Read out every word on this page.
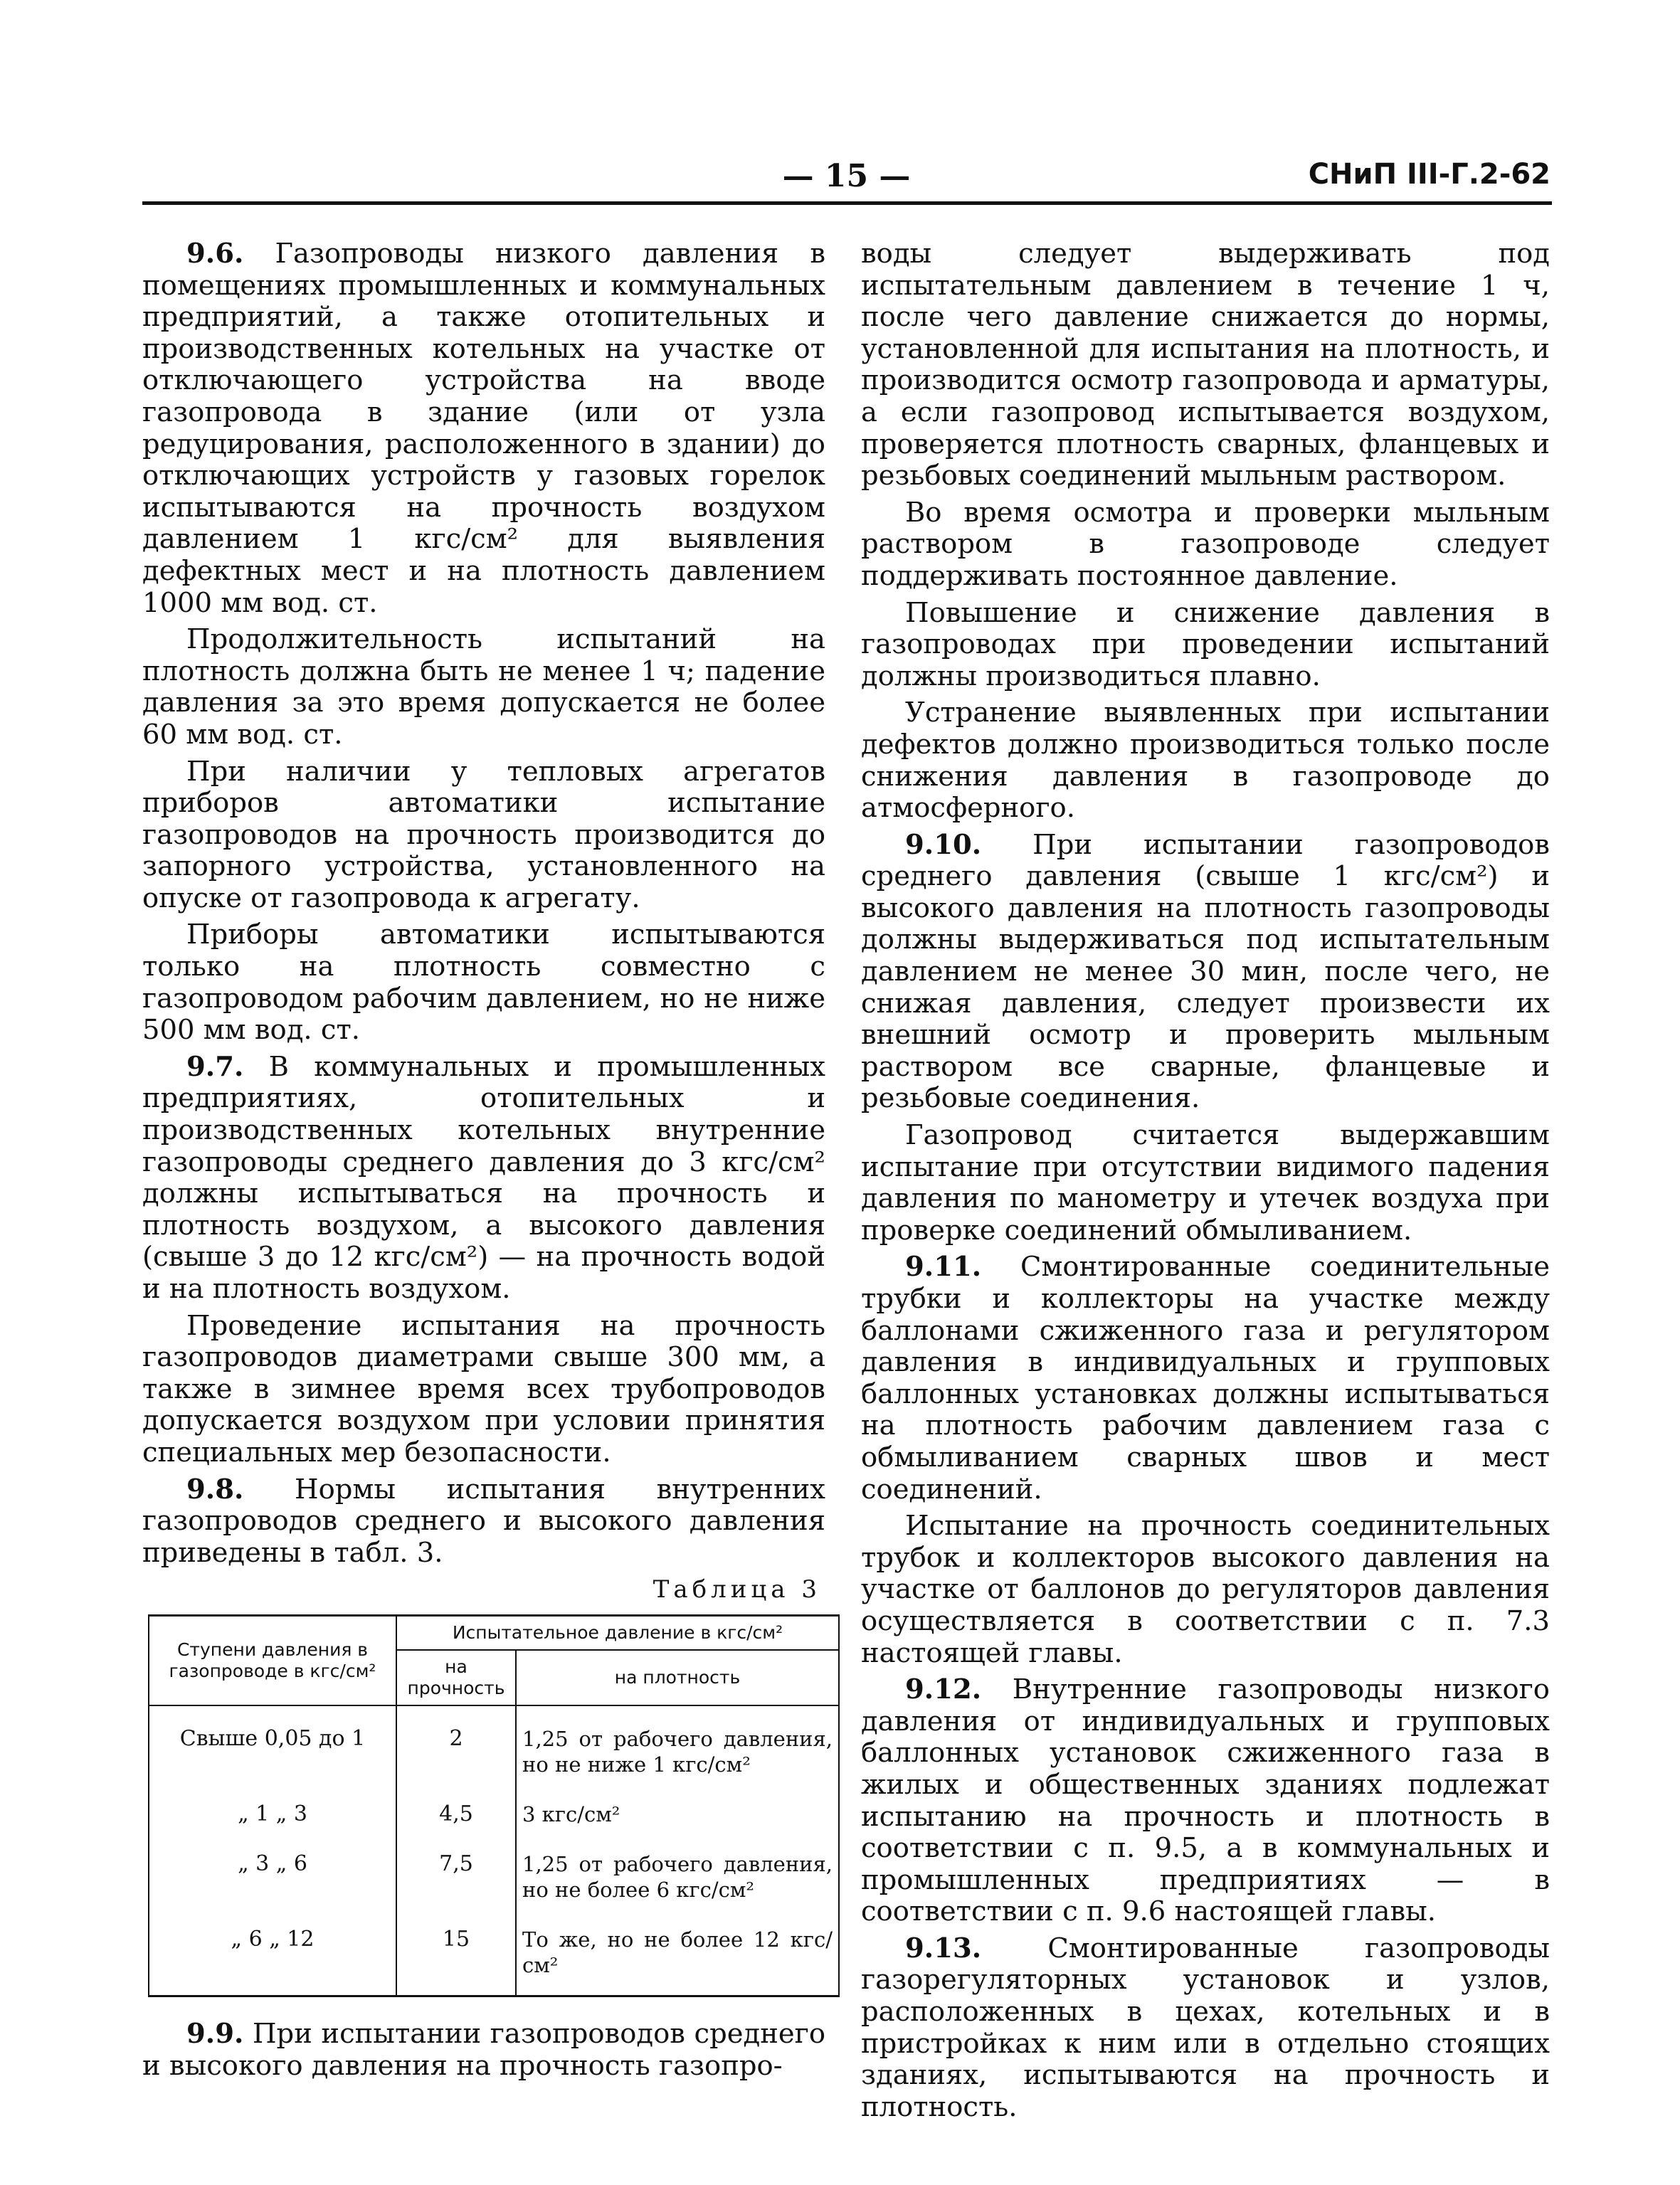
— 15 —	СНиП III-Г.2-62

9.6. Газопроводы низкого давления в помещениях промышленных и коммунальных предприятий, а также отопительных и производственных котельных на участке от отключающего устройства на вводе газопровода в здание (или от узла редуцирования, расположенного в здании) до отключающих устройств у газовых горелок испытываются на прочность воздухом давлением 1 кгс/см² для выявления дефектных мест и на плотность давлением 1000 мм вод. ст.

Продолжительность испытаний на плотность должна быть не менее 1 ч; падение давления за это время допускается не более 60 мм вод. ст.

При наличии у тепловых агрегатов приборов автоматики испытание газопроводов на прочность производится до запорного устройства, установленного на опуске от газопровода к агрегату.

Приборы автоматики испытываются только на плотность совместно с газопроводом рабочим давлением, но не ниже 500 мм вод. ст.

9.7. В коммунальных и промышленных предприятиях, отопительных и производственных котельных внутренние газопроводы среднего давления до 3 кгс/см² должны испытываться на прочность и плотность воздухом, а высокого давления (свыше 3 до 12 кгс/см²) — на прочность водой и на плотность воздухом.

Проведение испытания на прочность газопроводов диаметрами свыше 300 мм, а также в зимнее время всех трубопроводов допускается воздухом при условии принятия специальных мер безопасности.

9.8. Нормы испытания внутренних газопроводов среднего и высокого давления приведены в табл. 3.

Таблица 3
Ступени давления в газопроводе в кгс/см²	Испытательное давление в кгс/см²	
	на прочность	на плотность
Свыше 0,05 до 1	2	1,25 от рабочего давления, но не ниже 1 кгс/см²
„ 1 „ 3	4,5	3 кгс/см²
„ 3 „ 6	7,5	1,25 от рабочего давления, но не более 6 кгс/см²
„ 6 „ 12	15	То же, но не более 12 кгс/см²

9.9. При испытании газопроводов среднего и высокого давления на прочность газопро-

воды следует выдерживать под испытательным давлением в течение 1 ч, после чего давление снижается до нормы, установленной для испытания на плотность, и производится осмотр газопровода и арматуры, а если газопровод испытывается воздухом, проверяется плотность сварных, фланцевых и резьбовых соединений мыльным раствором.

Во время осмотра и проверки мыльным раствором в газопроводе следует поддерживать постоянное давление.

Повышение и снижение давления в газопроводах при проведении испытаний должны производиться плавно.

Устранение выявленных при испытании дефектов должно производиться только после снижения давления в газопроводе до атмосферного.

9.10. При испытании газопроводов среднего давления (свыше 1 кгс/см²) и высокого давления на плотность газопроводы должны выдерживаться под испытательным давлением не менее 30 мин, после чего, не снижая давления, следует произвести их внешний осмотр и проверить мыльным раствором все сварные, фланцевые и резьбовые соединения.

Газопровод считается выдержавшим испытание при отсутствии видимого падения давления по манометру и утечек воздуха при проверке соединений обмыливанием.

9.11. Смонтированные соединительные трубки и коллекторы на участке между баллонами сжиженного газа и регулятором давления в индивидуальных и групповых баллонных установках должны испытываться на плотность рабочим давлением газа с обмыливанием сварных швов и мест соединений.

Испытание на прочность соединительных трубок и коллекторов высокого давления на участке от баллонов до регуляторов давления осуществляется в соответствии с п. 7.3 настоящей главы.

9.12. Внутренние газопроводы низкого давления от индивидуальных и групповых баллонных установок сжиженного газа в жилых и общественных зданиях подлежат испытанию на прочность и плотность в соответствии с п. 9.5, а в коммунальных и промышленных предприятиях — в соответствии с п. 9.6 настоящей главы.

9.13. Смонтированные газопроводы газорегуляторных установок и узлов, расположенных в цехах, котельных и в пристройках к ним или в отдельно стоящих зданиях, испытываются на прочность и плотность.
